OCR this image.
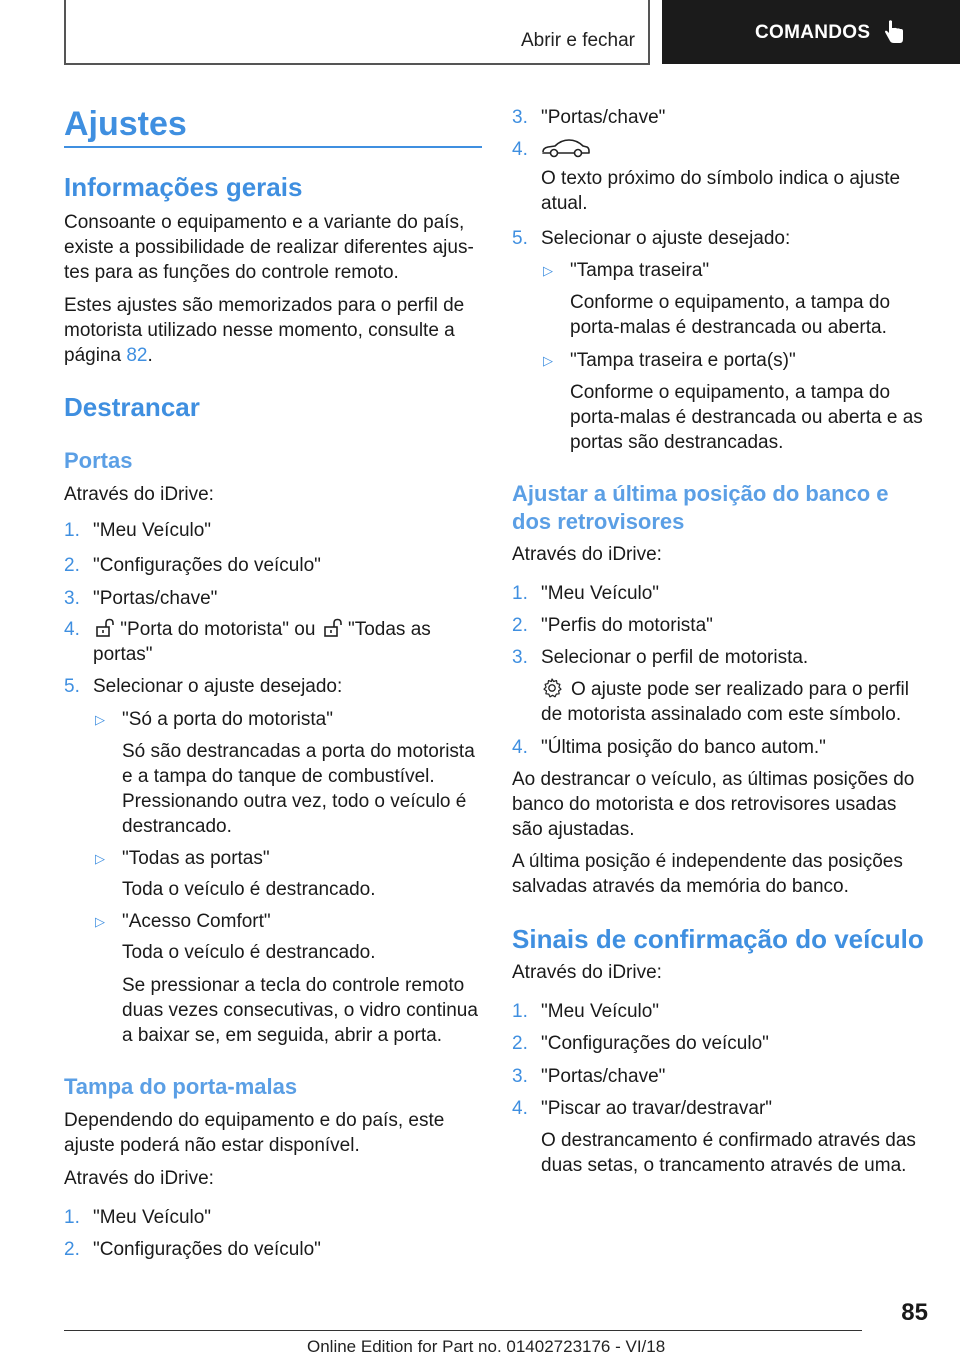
Abrir e fechar	COMANDOS
Ajustes
Informações gerais

Consoante o equipamento e a variante do país, existe a possibilidade de realizar diferentes ajus‐ tes para as funções do controle remoto.

Estes ajustes são memorizados para o perfil de motorista utilizado nesse momento, consulte a página 82.

Destrancar
Portas

Através do iDrive:

1. "Meu Veículo"
2. "Configurações do veículo"
3. "Portas/chave"
4.	"Porta do motorista" ou "Todas as
portas"
5. Selecionar o ajuste desejado:
▷ "Só a porta do motorista"

Só são destrancadas a porta do motorista e a tampa do tanque de combustível. Pressionando outra vez, todo o veículo é destrancado.

▷ "Todas as portas"

Toda o veículo é destrancado.

▷ "Acesso Comfort"

Toda o veículo é destrancado.

Se pressionar a tecla do controle remoto duas vezes consecutivas, o vidro continua a baixar se, em seguida, abrir a porta.

Tampa do porta-malas

Dependendo do equipamento e do país, este ajuste poderá não estar disponível.

Através do iDrive:

1. "Meu Veículo"
2. "Configurações do veículo"
3. "Portas/chave"
4.
O texto próximo do símbolo indica o ajuste atual.
5. Selecionar o ajuste desejado:
▷ "Tampa traseira"

Conforme o equipamento, a tampa do porta-malas é destrancada ou aberta.

▷ "Tampa traseira e porta(s)"

Conforme o equipamento, a tampa do porta-malas é destrancada ou aberta e as portas são destrancadas.

Ajustar a última posição do banco e dos retrovisores

Através do iDrive:

1. "Meu Veículo"
2. "Perfis do motorista"
3. Selecionar o perfil de motorista.
O ajuste pode ser realizado para o perfil de motorista assinalado com este símbolo.
4. "Última posição do banco autom."

Ao destrancar o veículo, as últimas posições do banco do motorista e dos retrovisores usadas são ajustadas.

A última posição é independente das posições salvadas através da memória do banco.

Sinais de confirmação do veículo

Através do iDrive:

1. "Meu Veículo"
2. "Configurações do veículo"
3. "Portas/chave"
4. "Piscar ao travar/destravar"

O destrancamento é confirmado através das duas setas, o trancamento através de uma.

85
Online Edition for Part no. 01402723176 - VI/18
